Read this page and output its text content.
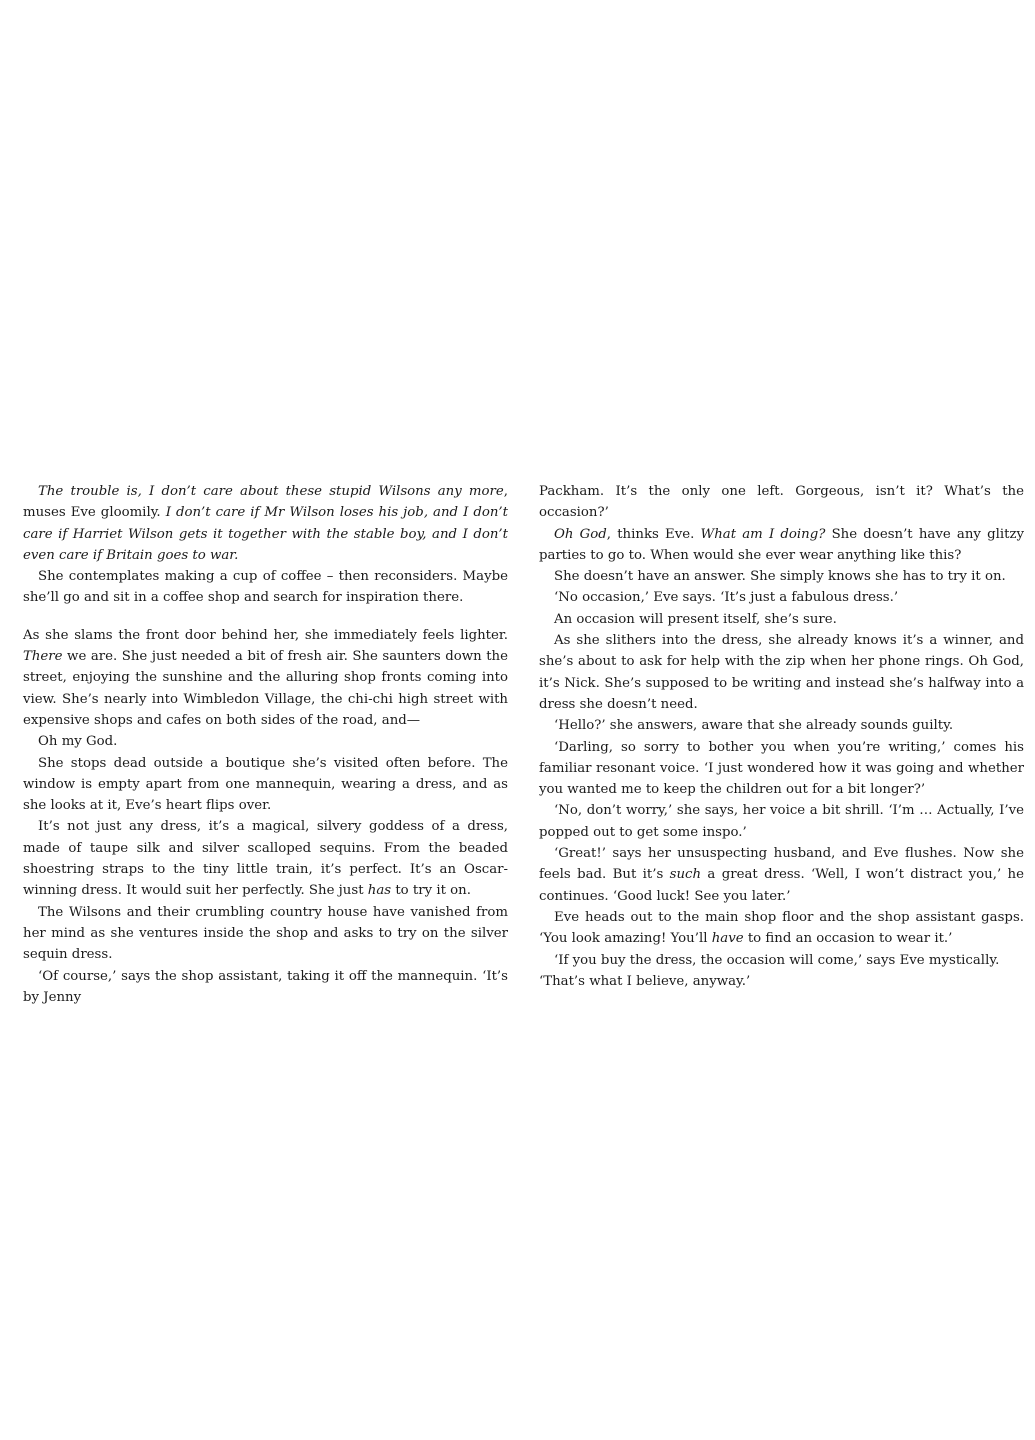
The trouble is, I don’t care about these stupid Wilsons any more, muses Eve gloomily. I don’t care if Mr Wilson loses his job, and I don’t care if Harriet Wilson gets it together with the stable boy, and I don’t even care if Britain goes to war.

She contemplates making a cup of coffee – then reconsiders. Maybe she’ll go and sit in a coffee shop and search for inspiration there.

As she slams the front door behind her, she immediately feels lighter. There we are. She just needed a bit of fresh air. She saunters down the street, enjoying the sunshine and the alluring shop fronts coming into view. She’s nearly into Wimbledon Village, the chi-chi high street with expensive shops and cafes on both sides of the road, and—

Oh my God.

She stops dead outside a boutique she’s visited often before. The window is empty apart from one mannequin, wearing a dress, and as she looks at it, Eve’s heart flips over.

It’s not just any dress, it’s a magical, silvery goddess of a dress, made of taupe silk and silver scalloped sequins. From the beaded shoestring straps to the tiny little train, it’s perfect. It’s an Oscar-winning dress. It would suit her perfectly. She just has to try it on.

The Wilsons and their crumbling country house have vanished from her mind as she ventures inside the shop and asks to try on the silver sequin dress.

‘Of course,’ says the shop assistant, taking it off the mannequin. ‘It’s by Jenny

Packham. It’s the only one left. Gorgeous, isn’t it? What’s the occasion?’

Oh God, thinks Eve. What am I doing? She doesn’t have any glitzy parties to go to. When would she ever wear anything like this?

She doesn’t have an answer. She simply knows she has to try it on.

‘No occasion,’ Eve says. ‘It’s just a fabulous dress.’

An occasion will present itself, she’s sure.

As she slithers into the dress, she already knows it’s a winner, and she’s about to ask for help with the zip when her phone rings. Oh God, it’s Nick. She’s supposed to be writing and instead she’s halfway into a dress she doesn’t need.

‘Hello?’ she answers, aware that she already sounds guilty.

‘Darling, so sorry to bother you when you’re writing,’ comes his familiar resonant voice. ‘I just wondered how it was going and whether you wanted me to keep the children out for a bit longer?’

‘No, don’t worry,’ she says, her voice a bit shrill. ‘I’m … Actually, I’ve popped out to get some inspo.’

‘Great!’ says her unsuspecting husband, and Eve flushes. Now she feels bad. But it’s such a great dress. ‘Well, I won’t distract you,’ he continues. ‘Good luck! See you later.’

Eve heads out to the main shop floor and the shop assistant gasps. ‘You look amazing! You’ll have to find an occasion to wear it.’

‘If you buy the dress, the occasion will come,’ says Eve mystically. ‘That’s what I believe, anyway.’
